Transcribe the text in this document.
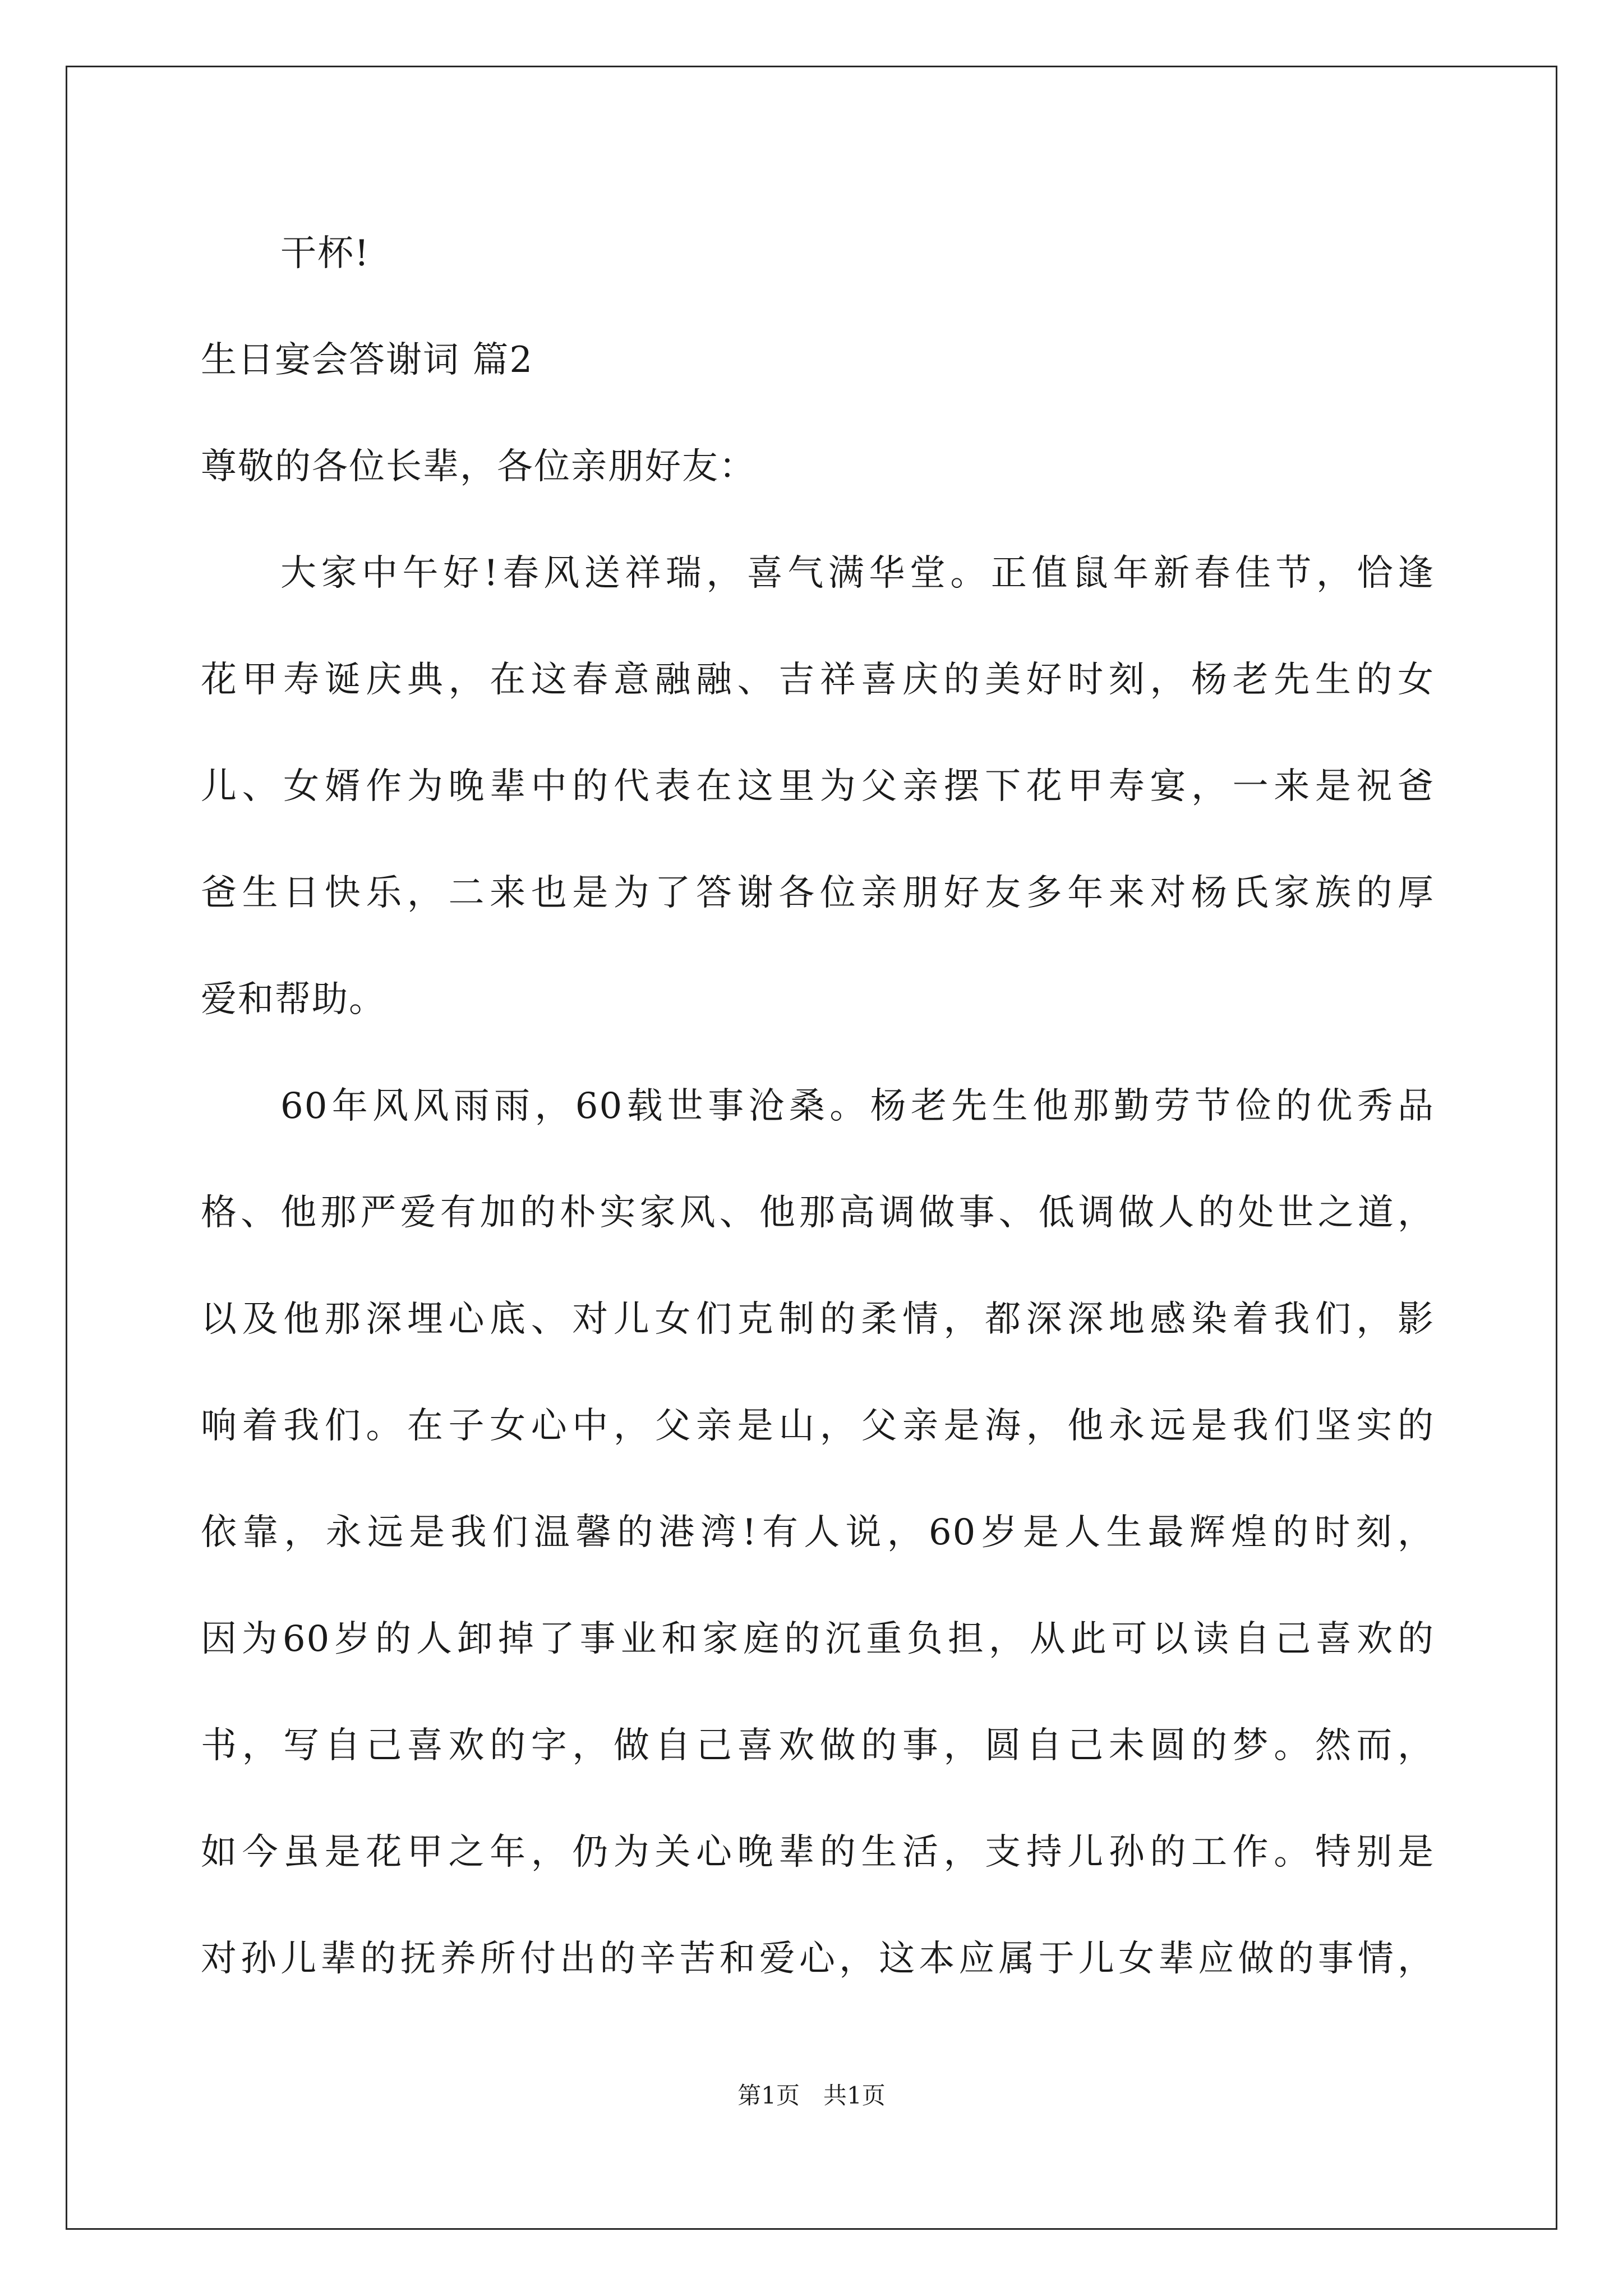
干杯!
生日宴会答谢词 篇2
尊敬的各位长辈，各位亲朋好友：
大家中午好!春风送祥瑞，喜气满华堂。正值鼠年新春佳节，恰逢
花甲寿诞庆典，在这春意融融、吉祥喜庆的美好时刻，杨老先生的女
儿、女婿作为晚辈中的代表在这里为父亲摆下花甲寿宴，一来是祝爸
爸生日快乐，二来也是为了答谢各位亲朋好友多年来对杨氏家族的厚
爱和帮助。
60年风风雨雨，60载世事沧桑。杨老先生他那勤劳节俭的优秀品
格、他那严爱有加的朴实家风、他那高调做事、低调做人的处世之道，
以及他那深埋心底、对儿女们克制的柔情，都深深地感染着我们，影
响着我们。在子女心中，父亲是山，父亲是海，他永远是我们坚实的
依靠，永远是我们温馨的港湾!有人说，60岁是人生最辉煌的时刻，
因为60岁的人卸掉了事业和家庭的沉重负担，从此可以读自己喜欢的
书，写自己喜欢的字，做自己喜欢做的事，圆自己未圆的梦。然而，
如今虽是花甲之年，仍为关心晚辈的生活，支持儿孙的工作。特别是
对孙儿辈的抚养所付出的辛苦和爱心，这本应属于儿女辈应做的事情，
第1页　共1页
